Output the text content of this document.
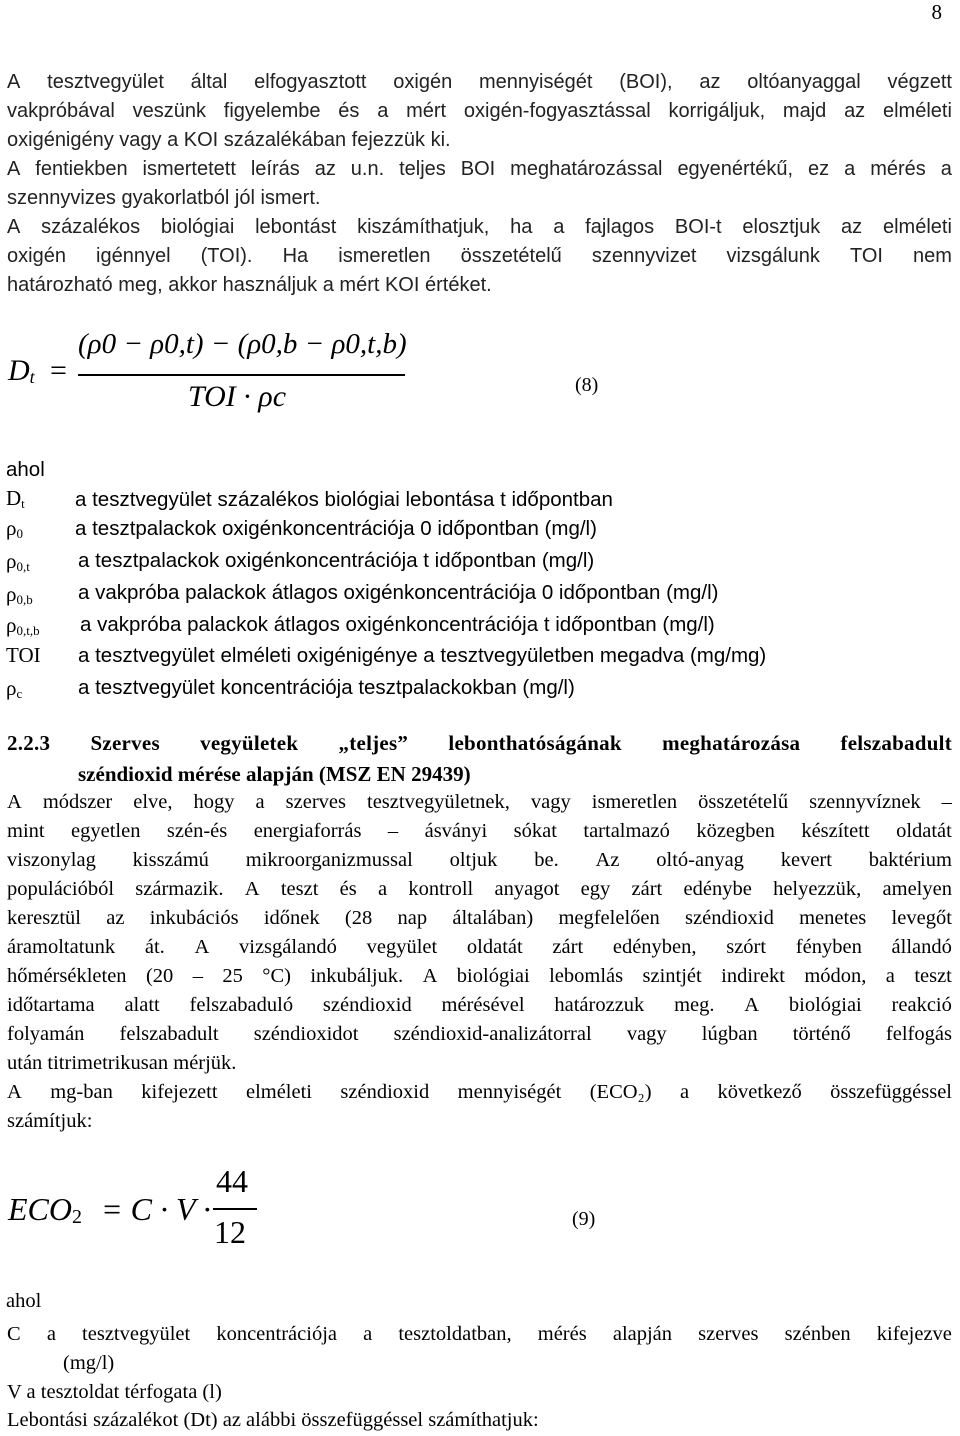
8
A tesztvegyület által elfogyasztott oxigén mennyiségét (BOI), az oltóanyaggal végzett
vakpróbával veszünk figyelembe és a mért oxigén-fogyasztással korrigáljuk, majd az elméleti
oxigénigény vagy a KOI százalékában fejezzük ki.
A fentiekben ismertetett leírás az u.n. teljes BOI meghatározással egyenértékű, ez a mérés a
szennyvizes gyakorlatból jól ismert.
A százalékos biológiai lebontást kiszámíthatjuk, ha a fajlagos BOI-t elosztjuk az elméleti
oxigén igénnyel (TOI). Ha ismeretlen összetételű szennyvizet vizsgálunk TOI nem
határozható meg, akkor használjuk a mért KOI értéket.
$D_t$ =
(ρ0 − ρ0,t) − (ρ0,b − ρ0,t,b)
TOI · ρc	(8)
ahol
$D_t$ a tesztvegyület százalékos biológiai lebontása t időpontban
$\rho_0$	a tesztpalackok oxigénkoncentrációja 0 időpontban (mg/l)
$\rho_{0,t}$ a tesztpalackok oxigénkoncentrációja t időpontban (mg/l)
$\rho_{0,b}$ a vakpróba palackok átlagos oxigénkoncentrációja 0 időpontban (mg/l)
$\rho_{0,t,b}$ a vakpróba palackok átlagos oxigénkoncentrációja t időpontban (mg/l)
TOI a tesztvegyület elméleti oxigénigénye a tesztvegyületben megadva (mg/mg)
$\rho_c$	a tesztvegyület koncentrációja tesztpalackokban (mg/l)
2.2.3 Szerves vegyületek „teljes” lebonthatóságának meghatározása felszabadult
széndioxid mérése alapján (MSZ EN 29439)
A módszer elve, hogy a szerves tesztvegyületnek, vagy ismeretlen összetételű szennyvíznek –
mint egyetlen szén-és energiaforrás – ásványi sókat tartalmazó közegben készített oldatát
viszonylag kisszámú mikroorganizmussal oltjuk be. Az oltó-anyag kevert baktérium
populációból származik. A teszt és a kontroll anyagot egy zárt edénybe helyezzük, amelyen
keresztül az inkubációs időnek (28 nap általában) megfelelően széndioxid menetes levegőt
áramoltatunk át. A vizsgálandó vegyület oldatát zárt edényben, szórt fényben állandó
hőmérsékleten (20 – 25 °C) inkubáljuk. A biológiai lebomlás szintjét indirekt módon, a teszt
időtartama alatt felszabaduló széndioxid mérésével határozzuk meg. A biológiai reakció
folyamán felszabadult széndioxidot széndioxid-analizátorral vagy lúgban történő felfogás
után titrimetrikusan mérjük.
A mg-ban kifejezett elméleti széndioxid mennyiségét (ECO₂) a következő összefüggéssel
számítjuk:
$ECO_2 = C \cdot V$ ·
44
12	(9)
ahol
C a tesztvegyület koncentrációja a tesztoldatban, mérés alapján szerves szénben kifejezve
(mg/l)
V a tesztoldat térfogata (l)
Lebontási százalékot (Dt) az alábbi összefüggéssel számíthatjuk:
